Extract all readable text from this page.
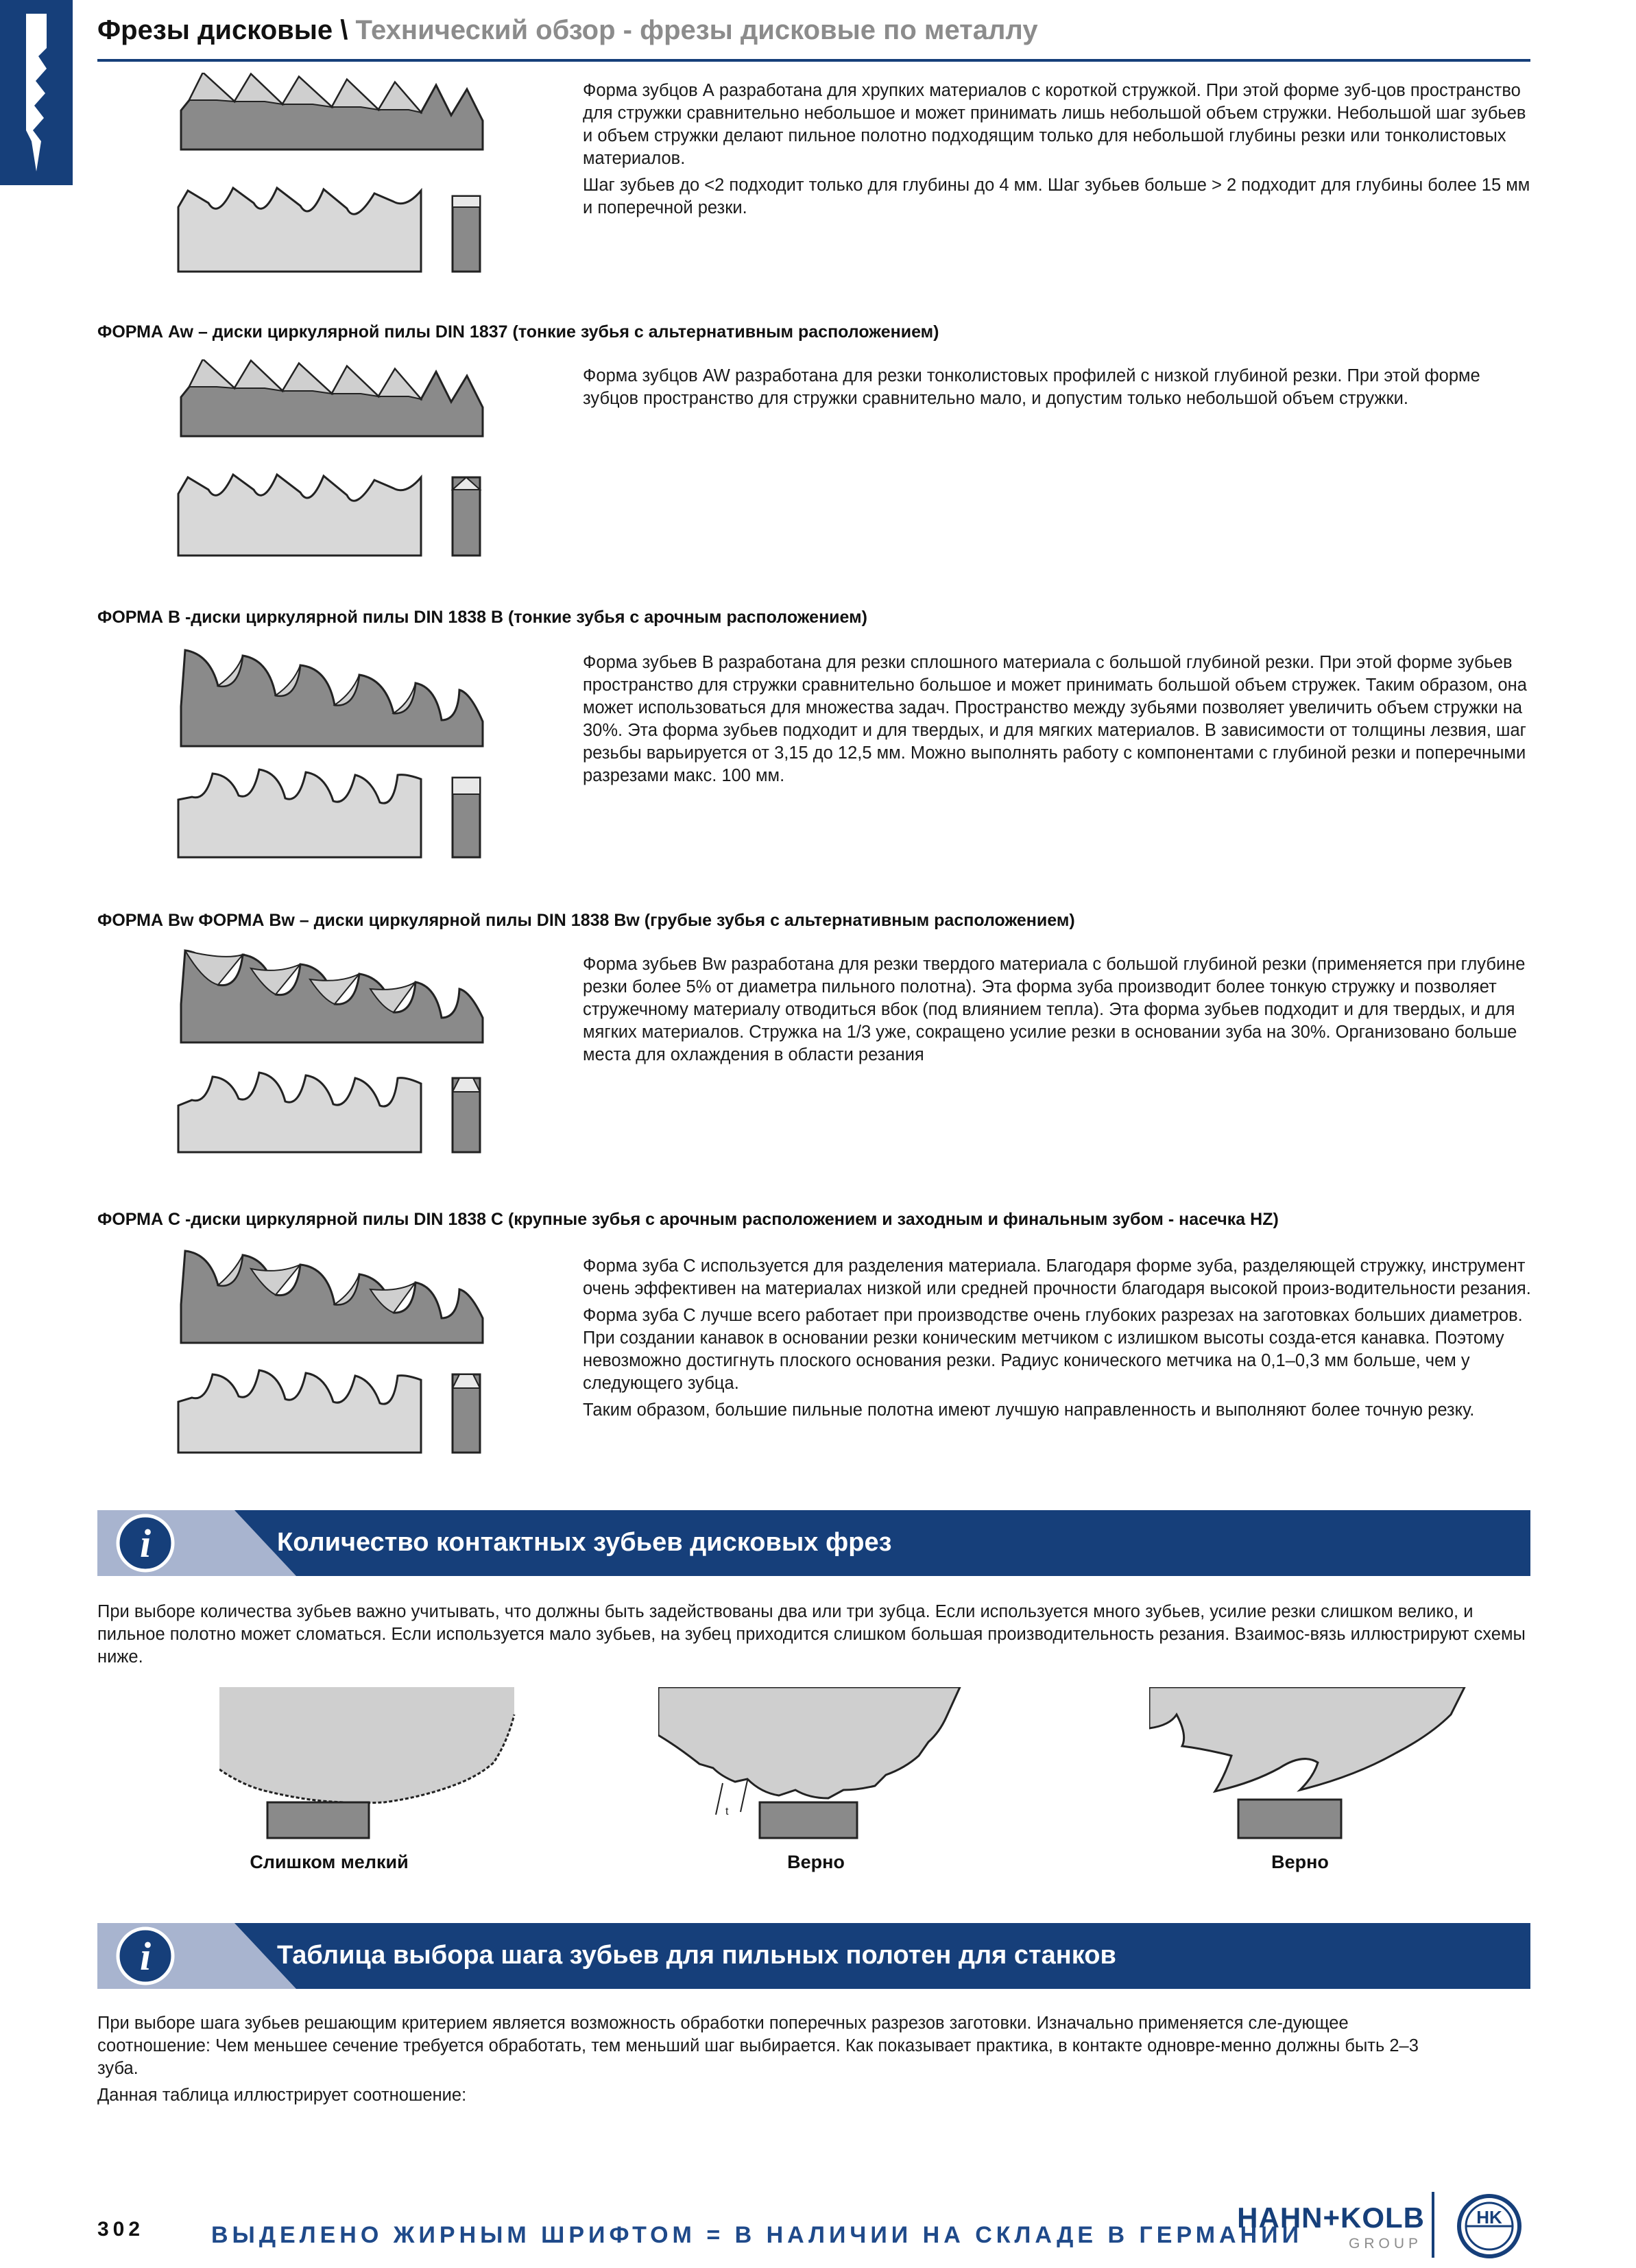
Фрезы дисковые \ Технический обзор - фрезы дисковые по металлу

Форма зубцов А разработана для хрупких материалов с короткой стружкой. При этой форме зуб-цов пространство для стружки сравнительно небольшое и может принимать лишь небольшой объем стружки. Небольшой шаг зубьев и объем стружки делают пильное полотно подходящим только для небольшой глубины резки или тонколистовых материалов.

Шаг зубьев до <2 подходит только для глубины до 4 мм. Шаг зубьев больше > 2 подходит для глубины более 15 мм и поперечной резки.

ФОРМА Aw – диски циркулярной пилы DIN 1837 (тонкие зубья с альтернативным расположением)

Форма зубцов AW разработана для резки тонколистовых профилей с низкой глубиной резки. При этой форме зубцов пространство для стружки сравнительно мало, и допустим только небольшой объем стружки.

ФОРМА B -диски циркулярной пилы DIN 1838 B (тонкие зубья с арочным расположением)

Форма зубьев B разработана для резки сплошного материала с большой глубиной резки. При этой форме зубьев пространство для стружки сравнительно большое и может принимать большой объем стружек. Таким образом, она может использоваться для множества задач. Пространство между зубьями позволяет увеличить объем стружки на 30%. Эта форма зубьев подходит и для твердых, и для мягких материалов. В зависимости от толщины лезвия, шаг резьбы варьируется от 3,15 до 12,5 мм. Можно выполнять работу с компонентами с глубиной резки и поперечными разрезами макс. 100 мм.

ФОРМА Bw ФОРМА Bw – диски циркулярной пилы DIN 1838 Bw (грубые зубья с альтернативным расположением)

Форма зубьев Bw разработана для резки твердого материала с большой глубиной резки (применяется при глубине резки более 5% от диаметра пильного полотна). Эта форма зуба производит более тонкую стружку и позволяет стружечному материалу отводиться вбок (под влиянием тепла). Эта форма зубьев подходит и для твердых, и для мягких материалов. Стружка на 1/3 уже, сокращено усилие резки в основании зуба на 30%. Организовано больше места для охлаждения в области резания

ФОРМА C -диски циркулярной пилы DIN 1838 C (крупные зубья с арочным расположением и заходным и финальным зубом - насечка HZ)

Форма зуба C используется для разделения материала. Благодаря форме зуба, разделяющей стружку, инструмент очень эффективен на материалах низкой или средней прочности благодаря высокой произ-водительности резания.

Форма зуба C лучше всего работает при производстве очень глубоких разрезах на заготовках больших диаметров. При создании канавок в основании резки коническим метчиком с излишком высоты созда-ется канавка. Поэтому невозможно достигнуть плоского основания резки. Радиус конического метчика на 0,1–0,3 мм больше, чем у следующего зубца.

Таким образом, большие пильные полотна имеют лучшую направленность и выполняют более точную резку.

i	Количество контактных зубьев дисковых фрез

При выборе количества зубьев важно учитывать, что должны быть задействованы два или три зубца. Если используется много зубьев, усилие резки слишком велико, и пильное полотно может сломаться. Если используется мало зубьев, на зубец приходится слишком большая производительность резания. Взаимос-вязь иллюстрируют схемы ниже.

Слишком мелкий
t
Верно	Верно
i	Таблица выбора шага зубьев для пильных полотен для станков

При выборе шага зубьев решающим критерием является возможность обработки поперечных разрезов заготовки. Изначально применяется сле-дующее соотношение: Чем меньшее сечение требуется обработать, тем меньший шаг выбирается. Как показывает практика, в контакте одновре-менно должны быть 2–3 зуба.

Данная таблица иллюстрирует соотношение:

302	ВЫДЕЛЕНО ЖИРНЫМ ШРИФТОМ = В НАЛИЧИИ НА СКЛАДЕ В ГЕРМАНИИ
HAHN+KOLB
GROUP
HK
